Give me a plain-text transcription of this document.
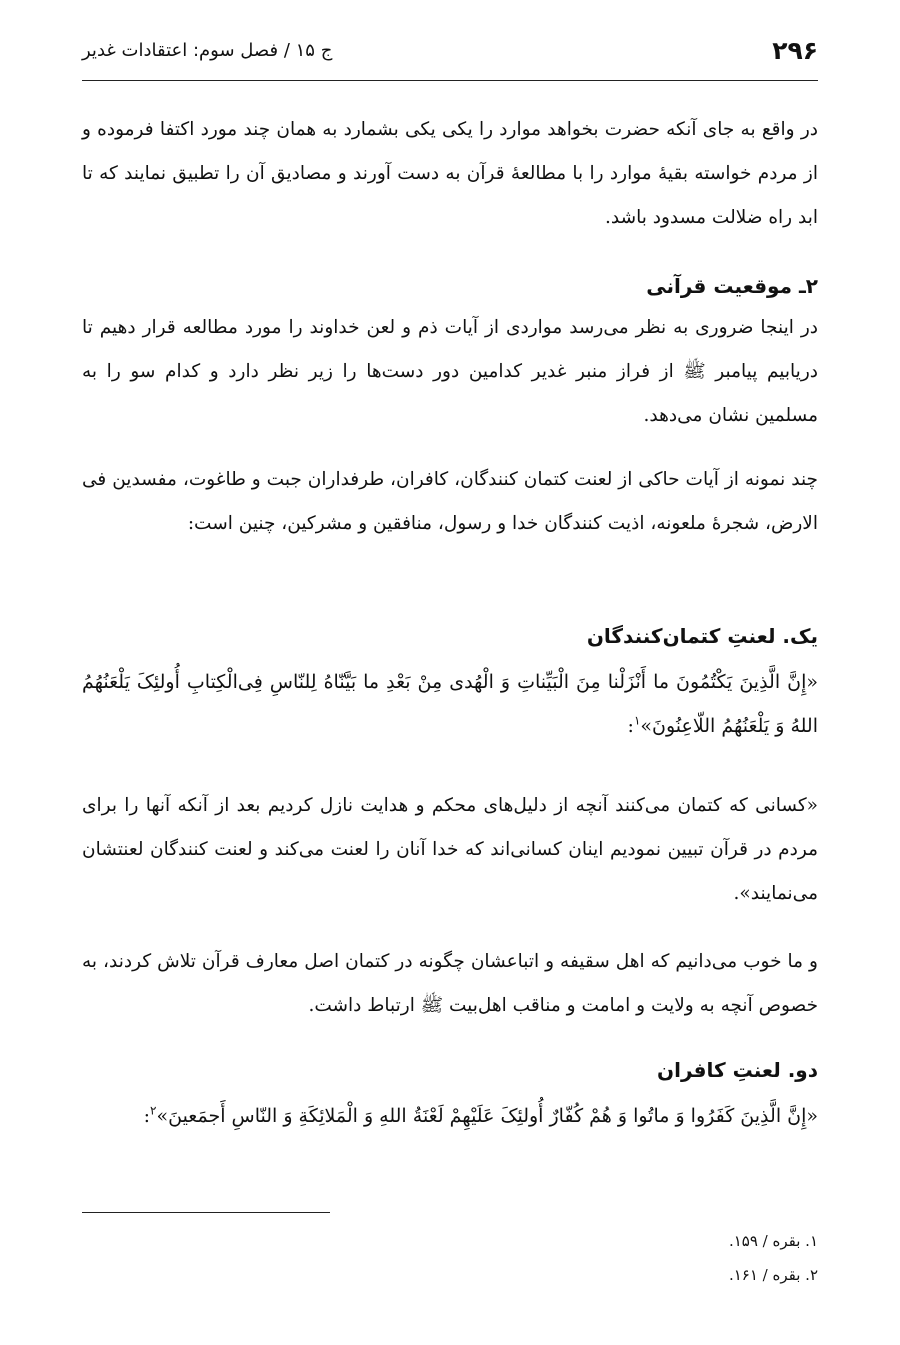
۲۹۶
ج ۱۵ / فصل سوم: اعتقادات غدیر

در واقع به جای آنکه حضرت بخواهد موارد را یکی یکی بشمارد به همان چند مورد اکتفا فرموده و از مردم خواسته بقیهٔ موارد را با مطالعهٔ قرآن به دست آورند و مصادیق آن را تطبیق نمایند که تا ابد راه ضلالت مسدود باشد.

۲ـ موقعیت قرآنی

در اینجا ضروری به نظر می‌رسد مواردی از آیات ذم و لعن خداوند را مورد مطالعه قرار دهیم تا دریابیم پیامبر ﷺ از فراز منبر غدیر کدامین دور دست‌ها را زیر نظر دارد و کدام سو را به مسلمین نشان می‌دهد.

چند نمونه از آیات حاکی از لعنت کتمان کنندگان، کافران، طرفداران جبت و طاغوت، مفسدین فی الارض، شجرهٔ ملعونه، اذیت کنندگان خدا و رسول، منافقین و مشرکین، چنین است:

یک. لعنتِ کتمان‌کنندگان

«إِنَّ الَّذِینَ یَکْتُمُونَ ما أَنْزَلْنا مِنَ الْبَیِّناتِ وَ الْهُدی مِنْ بَعْدِ ما بَیَّنّاهُ لِلنّاسِ فِی‌الْکِتابِ أُولئِکَ یَلْعَنُهُمُ اللهُ وَ یَلْعَنُهُمُ اللّاعِنُونَ»$^۱$:

«کسانی که کتمان می‌کنند آنچه از دلیل‌های محکم و هدایت نازل کردیم بعد از آنکه آنها را برای مردم در قرآن تبیین نمودیم اینان کسانی‌اند که خدا آنان را لعنت می‌کند و لعنت کنندگان لعنتشان می‌نمایند».

و ما خوب می‌دانیم که اهل سقیفه و اتباعشان چگونه در کتمان اصل معارف قرآن تلاش کردند، به خصوص آنچه به ولایت و امامت و مناقب اهل‌بیت ﷺ ارتباط داشت.

دو. لعنتِ کافران

«إِنَّ الَّذِینَ کَفَرُوا وَ ماتُوا وَ هُمْ کُفّارٌ أُولئِکَ عَلَیْهِمْ لَعْنَةُ اللهِ وَ الْمَلائِکَةِ وَ النّاسِ أَجمَعینَ»$^۲$:

۱. بقره / ۱۵۹.
۲. بقره / ۱۶۱.
